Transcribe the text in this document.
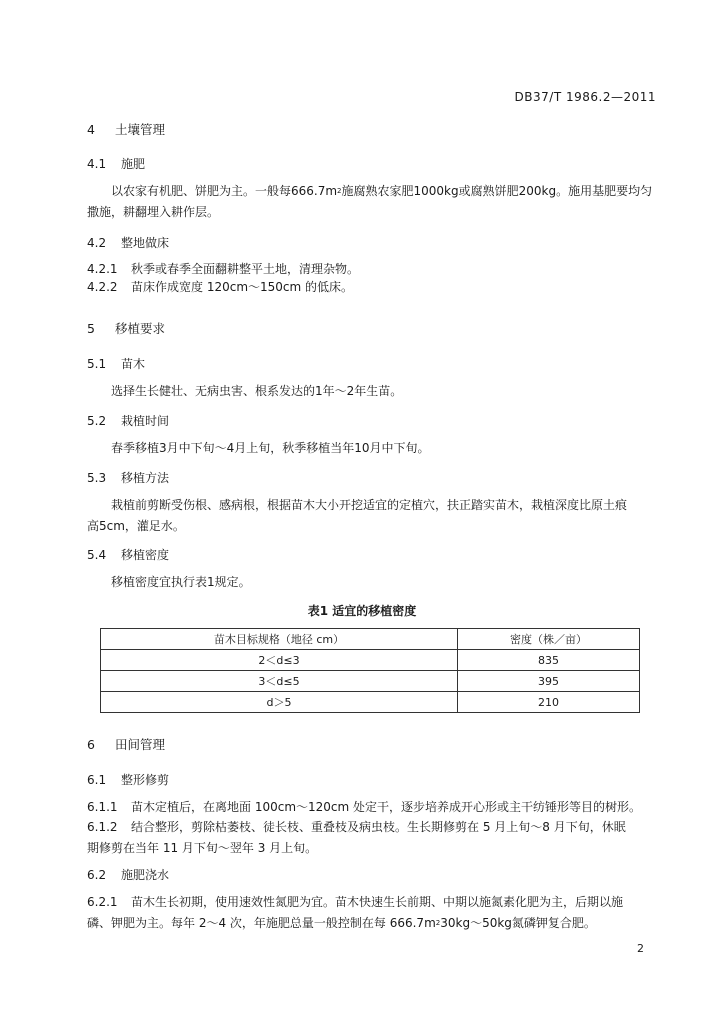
DB37/T 1986.2—2011
4 土壤管理
4.1 施肥
以农家有机肥、饼肥为主。一般每$666.7m^2$施腐熟农家肥1000kg或腐熟饼肥200kg。施用基肥要均匀
撒施，耕翻埋入耕作层。
4.2 整地做床
4.2.1 秋季或春季全面翻耕整平土地，清理杂物。
4.2.2 苗床作成宽度 120cm～150cm 的低床。
5 移植要求
5.1 苗木
选择生长健壮、无病虫害、根系发达的1年～2年生苗。
5.2 栽植时间
春季移植3月中下旬～4月上旬，秋季移植当年10月中下旬。
5.3 移植方法
栽植前剪断受伤根、感病根，根据苗木大小开挖适宜的定植穴，扶正踏实苗木，栽植深度比原土痕
高5cm，灌足水。
5.4 移植密度
移植密度宜执行表1规定。
表1 适宜的移植密度
苗木目标规格（地径 cm）	密度（株／亩）
2＜d≤3	835
3＜d≤5	395
d＞5	210
6 田间管理
6.1 整形修剪
6.1.1 苗木定植后，在离地面 100cm～120cm 处定干，逐步培养成开心形或主干纺锤形等目的树形。
6.1.2 结合整形，剪除枯萎枝、徒长枝、重叠枝及病虫枝。生长期修剪在 5 月上旬～8 月下旬，休眠
期修剪在当年 11 月下旬～翌年 3 月上旬。
6.2 施肥浇水
6.2.1 苗木生长初期，使用速效性氮肥为宜。苗木快速生长前期、中期以施氮素化肥为主，后期以施
磷、钾肥为主。每年 2～4 次，年施肥总量一般控制在每 $666.7m^230kg\sim 50kg$氮磷钾复合肥。
2
